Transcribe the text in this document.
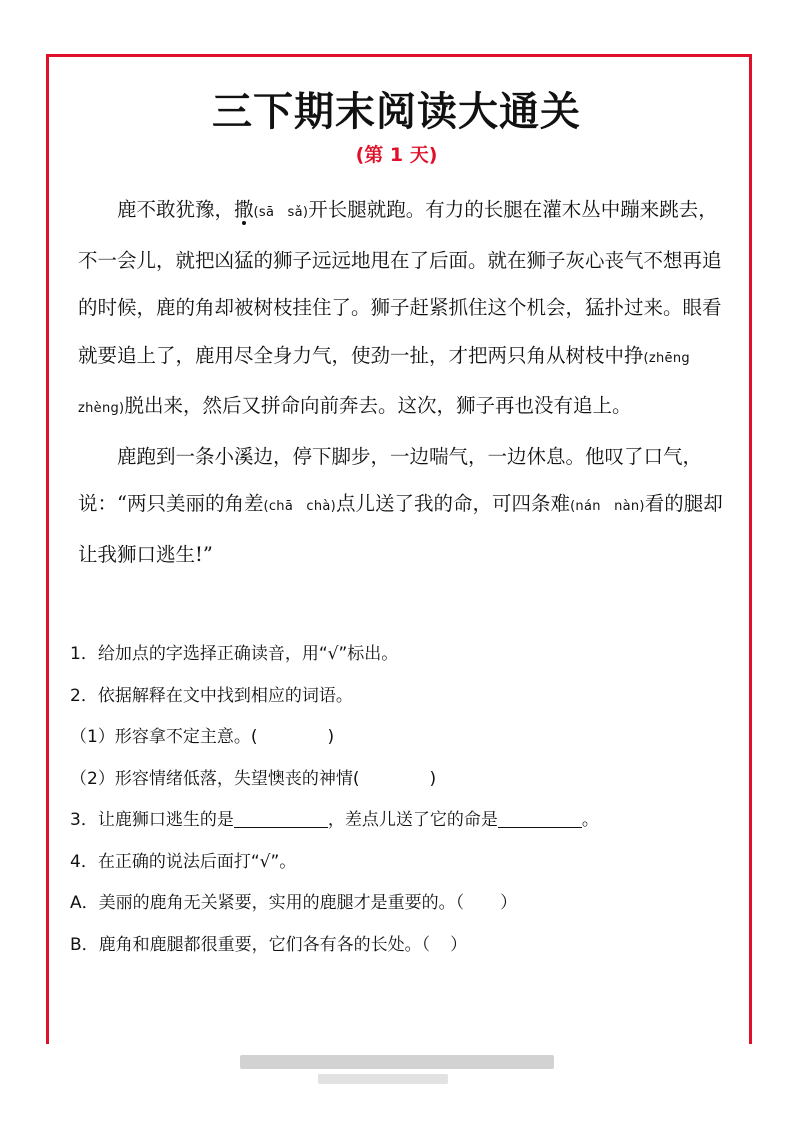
三下期末阅读大通关
(第 1 天)

鹿不敢犹豫，撒(sā　sǎ)开长腿就跑。有力的长腿在灌木丛中蹦来跳去，不一会儿，就把凶猛的狮子远远地甩在了后面。就在狮子灰心丧气不想再追的时候，鹿的角却被树枝挂住了。狮子赶紧抓住这个机会，猛扑过来。眼看就要追上了，鹿用尽全身力气，使劲一扯，才把两只角从树枝中挣(zhēng　zhèng)脱出来，然后又拼命向前奔去。这次，狮子再也没有追上。

鹿跑到一条小溪边，停下脚步，一边喘气，一边休息。他叹了口气，说：“两只美丽的角差(chā　chà)点儿送了我的命，可四条难(nán　nàn)看的腿却让我狮口逃生!”

1．给加点的字选择正确读音，用“√”标出。
2．依据解释在文中找到相应的词语。
（1）形容拿不定主意。(	)
（2）形容情绪低落，失望懊丧的神情(	)
3．让鹿狮口逃生的是	，差点儿送了它的命是	。
4．在正确的说法后面打“√”。
A．美丽的鹿角无关紧要，实用的鹿腿才是重要的。（ ）
B．鹿角和鹿腿都很重要，它们各有各的长处。（ ）
